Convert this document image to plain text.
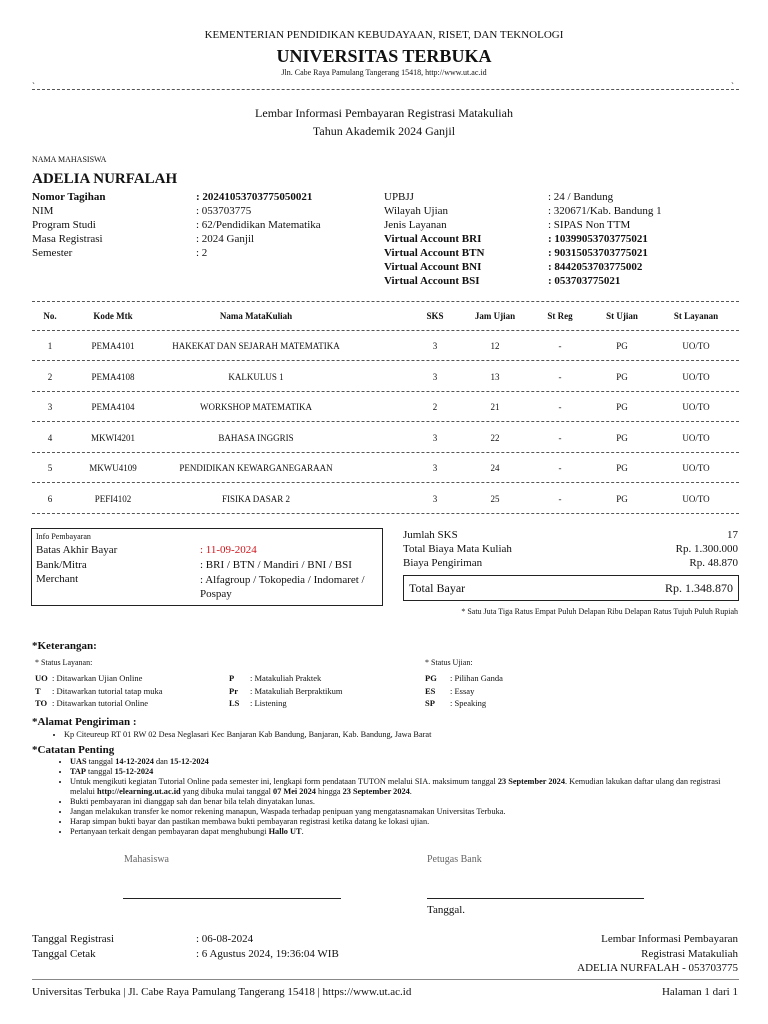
KEMENTERIAN PENDIDIKAN KEBUDAYAAN, RISET, DAN TEKNOLOGI
UNIVERSITAS TERBUKA
Jln. Cabe Raya Pamulang Tangerang 15418, http://www.ut.ac.id
`	`
Lembar Informasi Pembayaran Registrasi Matakuliah
Tahun Akademik 2024 Ganjil
NAMA MAHASISWA
ADELIA NURFALAH
Nomor Tagihan	: 20241053703775050021
NIM	: 053703775
Program Studi	: 62/Pendidikan Matematika
Masa Registrasi	: 2024 Ganjil
Semester	: 2
UPBJJ	: 24 / Bandung
Wilayah Ujian	: 320671/Kab. Bandung 1
Jenis Layanan	: SIPAS Non TTM
Virtual Account BRI	: 10399053703775021
Virtual Account BTN	: 90315053703775021
Virtual Account BNI	: 8442053703775002
Virtual Account BSI	: 053703775021
No.	Kode Mtk	Nama MataKuliah	SKS	Jam Ujian	St Reg	St Ujian	St Layanan
1	PEMA4101	HAKEKAT DAN SEJARAH MATEMATIKA	3	12	-	PG	UO/TO
2	PEMA4108	KALKULUS 1	3	13	-	PG	UO/TO
3	PEMA4104	WORKSHOP MATEMATIKA	2	21	-	PG	UO/TO
4	MKWI4201	BAHASA INGGRIS	3	22	-	PG	UO/TO
5	MKWU4109	PENDIDIKAN KEWARGANEGARAAN	3	24	-	PG	UO/TO
6	PEFI4102	FISIKA DASAR 2	3	25	-	PG	UO/TO
Info Pembayaran
Batas Akhir Bayar	: 11-09-2024
Bank/Mitra	: BRI / BTN / Mandiri / BNI / BSI
Merchant	: Alfagroup / Tokopedia / Indomaret / Pospay
Jumlah SKS	17
Total Biaya Mata Kuliah	Rp. 1.300.000
Biaya Pengiriman	Rp. 48.870
Total Bayar	Rp. 1.348.870
* Satu Juta Tiga Ratus Empat Puluh Delapan Ribu Delapan Ratus Tujuh Puluh Rupiah
*Keterangan:
* Status Layanan:	* Status Ujian:
UO : Ditawarkan Ujian Online
T : Ditawarkan tutorial tatap muka
TO : Ditawarkan tutorial Online
P : Matakuliah Praktek
Pr : Matakuliah Berpraktikum
LS : Listening
PG : Pilihan Ganda
ES : Essay
SP : Speaking
*Alamat Pengiriman :
• Kp Citeureup RT 01 RW 02 Desa Neglasari Kec Banjaran Kab Bandung, Banjaran, Kab. Bandung, Jawa Barat
*Catatan Penting
• UAS tanggal 14-12-2024 dan 15-12-2024
• TAP tanggal 15-12-2024
• Untuk mengikuti kegiatan Tutorial Online pada semester ini, lengkapi form pendataan TUTON melalui SIA. maksimum tanggal 23 September 2024. Kemudian lakukan daftar ulang dan registrasi melalui http://elearning.ut.ac.id yang dibuka mulai tanggal 07 Mei 2024 hingga 23 September 2024.
• Bukti pembayaran ini dianggap sah dan benar bila telah dinyatakan lunas.
• Jangan melakukan transfer ke nomor rekening manapun, Waspada terhadap penipuan yang mengatasnamakan Universitas Terbuka.
• Harap simpan bukti bayar dan pastikan membawa bukti pembayaran registrasi ketika datang ke lokasi ujian.
• Pertanyaan terkait dengan pembayaran dapat menghubungi Hallo UT.
Mahasiswa	Petugas Bank
Tanggal.
Tanggal Registrasi	: 06-08-2024
Tanggal Cetak	: 6 Agustus 2024, 19:36:04 WIB
Lembar Informasi Pembayaran
Registrasi Matakuliah
ADELIA NURFALAH - 053703775
Universitas Terbuka | Jl. Cabe Raya Pamulang Tangerang 15418 | https://www.ut.ac.id	Halaman 1 dari 1
